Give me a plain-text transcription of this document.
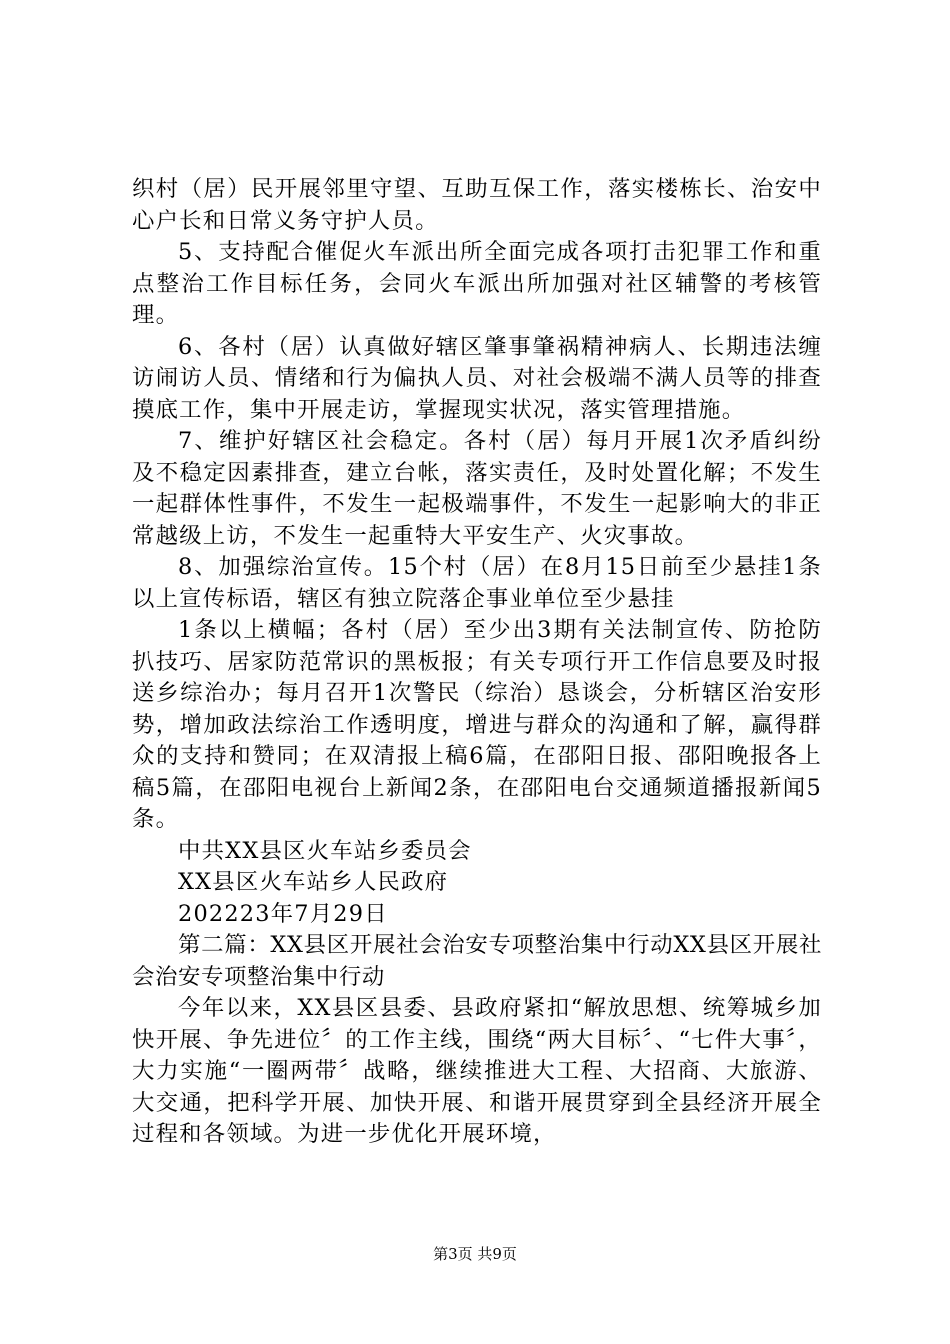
织村（居）民开展邻里守望、互助互保工作，落实楼栋长、治安中心户长和日常义务守护人员。

5、支持配合催促火车派出所全面完成各项打击犯罪工作和重点整治工作目标任务，会同火车派出所加强对社区辅警的考核管理。

6、各村（居）认真做好辖区肇事肇祸精神病人、长期违法缠访闹访人员、情绪和行为偏执人员、对社会极端不满人员等的排查摸底工作，集中开展走访，掌握现实状况，落实管理措施。

7、维护好辖区社会稳定。各村（居）每月开展1次矛盾纠纷及不稳定因素排查，建立台帐，落实责任，及时处置化解；不发生一起群体性事件，不发生一起极端事件，不发生一起影响大的非正常越级上访，不发生一起重特大平安生产、火灾事故。

8、加强综治宣传。15个村（居）在8月15日前至少悬挂1条以上宣传标语，辖区有独立院落企事业单位至少悬挂

1条以上横幅；各村（居）至少出3期有关法制宣传、防抢防扒技巧、居家防范常识的黑板报；有关专项行开工作信息要及时报送乡综治办；每月召开1次警民（综治）恳谈会，分析辖区治安形势，增加政法综治工作透明度，增进与群众的沟通和了解，赢得群众的支持和赞同；在双清报上稿6篇，在邵阳日报、邵阳晚报各上稿5篇，在邵阳电视台上新闻2条，在邵阳电台交通频道播报新闻5条。

中共XX县区火车站乡委员会

XX县区火车站乡人民政府

202223年7月29日

第二篇：XX县区开展社会治安专项整治集中行动XX县区开展社会治安专项整治集中行动

今年以来，XX县区县委、县政府紧扣“解放思想、统筹城乡加快开展、争先进位〞的工作主线，围绕“两大目标〞、“七件大事〞，大力实施“一圈两带〞战略，继续推进大工程、大招商、大旅游、大交通，把科学开展、加快开展、和谐开展贯穿到全县经济开展全过程和各领域。为进一步优化开展环境，

第3页 共9页
